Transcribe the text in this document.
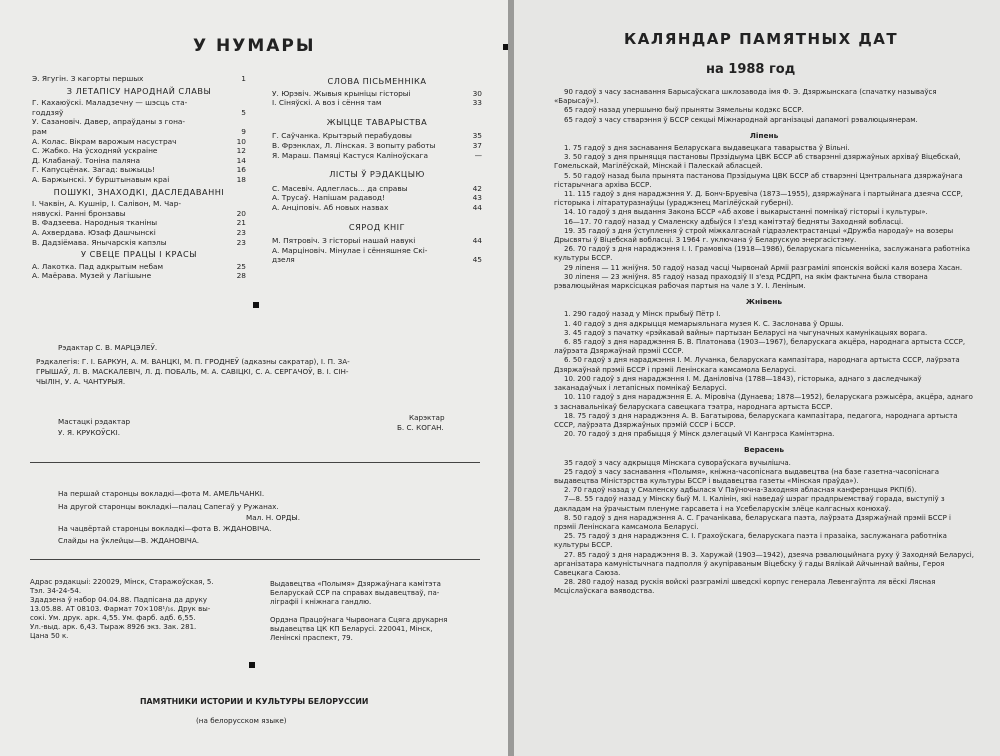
У НУМАРЫ
Э. Ягугін. З кагорты першых	1
З ЛЕТАПІСУ НАРОДНАЙ СЛАВЫ
Г. Кахаюўскі. Маладзечну — шэсць ста-
годдзяў	5
У. Сазановіч. Давер, апраўданы з гона-
рам	9
А. Колас. Вікрам варожым насустрач	10
С. Жабко. На ўсходняй ускраіне	12
Д. Клабанаў. Тоніна паляна	14
Г. Капусцёнак. Загад: выжыць!	16
А. Баржынскі. У бурштынавым краі	18
ПОШУКІ, ЗНАХОДКІ, ДАСЛЕДАВАННІ
І. Чаквін, А. Кушнір, І. Салівон, М. Чар-
нявускі. Ранні бронзавы	20
В. Фадзеева. Народныя тканіны	21
А. Ахвердава. Юзаф Дашчынскі	23
В. Дадзіёмава. Янычарскія капэлы	23
У СВЕЦЕ ПРАЦЫ І КРАСЫ
А. Лакотка. Пад адкрытым небам	25
А. Маёрава. Музей у Лагішыне	28
СЛОВА ПІСЬМЕННІКА
У. Юрэвіч. Жывыя крыніцы гісторыі	30
І. Сіняўскі. А воз і сёння там	33
ЖЫЦЦЕ ТАВАРЫСТВА
Г. Саўчанка. Крытэрый перабудовы	35
В. Фрэнклах, Л. Лінская. З вопыту работы	37
Я. Мараш. Памяці Кастуся Каліноўскага	—
ЛІСТЫ Ў РЭДАКЦЫЮ
С. Масевіч. Адлеглась... да справы	42
А. Трусаў. Напішам радавод!	43
А. Анціповіч. Аб новых назвах	44
СЯРОД КНІГ
М. Пятровіч. З гісторыі нашай навукі	44
А. Марціновіч. Мінулае і сённяшняе Скі-
дзеля	45
Рэдактар С. В. МАРЦЭЛЕЎ.
Рэдкалегія: Г. І. БАРКУН, А. М. ВАНЦКІ, М. П. ГРОДНЕЎ (адказны сакратар), І. П. ЗА-
ГРЫШАЎ, Л. В. МАСКАЛЕВІЧ, Л. Д. ПОБАЛЬ, М. А. САВІЦКІ, С. А. СЕРГАЧОЎ, В. І. СІН-
ЧЫЛІН, У. А. ЧАНТУРЫЯ.
Мастацкі рэдактар
У. Я. КРУКОЎСКІ.
Карэктар
Б. С. КОГАН.
На першай старонцы вокладкі—фота М. АМЕЛЬЧАНКІ.
На другой старонцы вокладкі—палац Сапегаў у Ружанах.
Мал. Н. ОРДЫ.
На чацвёртай старонцы вокладкі—фота В. ЖДАНОВІЧА.
Слайды на ўклейцы—В. ЖДАНОВІЧА.
Адрас рэдакцыі: 220029, Мінск, Старажоўская, 5.
Тэл. 34-24-54.
Здадзена ў набор 04.04.88. Падпісана да друку
13.05.88. АТ 08103. Фармат 70×108¹/₁₆. Друк вы-
сокі. Ум. друк. арк. 4,55. Ум. фарб. адб. 6,55.
Ул.-выд. арк. 6,43. Тыраж 8926 экз. Зак. 281.
Цана 50 к.
Выдавецтва «Полымя» Дзяржаўнага камітэта
Беларускай ССР па справах выдавецтваў, па-
ліграфіі і кніжнага гандлю.
Ордэна Працоўнага Чырвонага Сцяга друкарня
выдавецтва ЦК КП Беларусі. 220041, Мінск,
Ленінскі праспект, 79.
ПАМЯТНИКИ ИСТОРИИ И КУЛЬТУРЫ БЕЛОРУССИИ
(на белорусском языке)
КАЛЯНДАР ПАМЯТНЫХ ДАТ
на 1988 год

90 гадоў з часу заснавання Барысаўскага шклозавода імя Ф. Э. Дзяржынскага (спачатку называўся «Барысаў»).

65 гадоў назад упершыню быў прыняты Зямельны кодэкс БССР.

65 гадоў з часу стварэння ў БССР секцыі Міжнароднай арганізацыі дапамогі рэвалюцыянерам.

Ліпень

1. 75 гадоў з дня заснавання Беларускага выдавецкага таварыства ў Вільні.

3. 50 гадоў з дня прыняцця пастановы Прэзідыума ЦВК БССР аб стварэнні дзяржаўных архіваў Віцебскай, Гомельскай, Магілёўскай, Мінскай і Палескай абласцей.

5. 50 гадоў назад была прынята пастанова Прэзідыума ЦВК БССР аб стварэнні Цэнтральнага дзяржаўнага гістарычнага архіва БССР.

11. 115 гадоў з дня нараджэння У. Д. Бонч-Бруевіча (1873—1955), дзяржаўнага і партыйнага дзеяча СССР, гісторыка і літаратуразнаўцы (ураджэнец Магілёўскай губерні).

14. 10 гадоў з дня выдання Закона БССР «Аб ахове і выкарыстанні помнікаў гісторыі і культуры».

16—17. 70 гадоў назад у Смаленску адбыўся І з'езд камітэтаў бедняты Заходняй вобласці.

19. 35 гадоў з дня ўступлення ў строй міжкалгаснай гідраэлектрастанцыі «Дружба народаў» на возеры Дрысвяты ў Віцебскай вобласці. З 1964 г. уключана ў Беларускую энергасістэму.

26. 70 гадоў з дня нараджэння І. І. Грамовіча (1918—1986), беларускага пісьменніка, заслужанага работніка культуры БССР.

29 ліпеня — 11 жніўня. 50 гадоў назад часці Чырвонай Арміі разграмілі японскія войскі каля возера Хасан.

30 ліпеня — 23 жніўня. 85 гадоў назад праходзіў II з'езд РСДРП, на якім фактычна была створана рэвалюцыйная марксісцкая рабочая партыя на чале з У. І. Леніным.

Жнівень

1. 290 гадоў назад у Мінск прыбыў Пётр І.

1. 40 гадоў з дня адкрыцця мемарыяльнага музея К. С. Заслонава ў Оршы.

3. 45 гадоў з пачатку «рэйкавай вайны» партызан Беларусі на чыгуначных камунікацыях ворага.

6. 85 гадоў з дня нараджэння Б. В. Платонава (1903—1967), беларускага акцёра, народнага артыста СССР, лаўрэата Дзяржаўнай прэміі СССР.

6. 50 гадоў з дня нараджэння І. М. Лучанка, беларускага кампазітара, народнага артыста СССР, лаўрэата Дзяржаўнай прэміі БССР і прэміі Ленінскага камсамола Беларусі.

10. 200 гадоў з дня нараджэння І. М. Даніловіча (1788—1843), гісторыка, аднаго з даследчыкаў заканадаўчых і летапісных помнікаў Беларусі.

10. 110 гадоў з дня нараджэння Е. А. Міровіча (Дунаева; 1878—1952), беларускага рэжысёра, акцёра, аднаго з заснавальнікаў беларускага савецкага тэатра, народнага артыста БССР.

18. 75 гадоў з дня нараджэння А. В. Багатырова, беларускага кампазітара, педагога, народнага артыста СССР, лаўрэата Дзяржаўных прэмій СССР і БССР.

20. 70 гадоў з дня прабыцця ў Мінск дэлегацый VI Кангрэса Камінтэрна.

Верасень

35 гадоў з часу адкрыцця Мінскага сувораўскага вучылішча.

25 гадоў з часу заснавання «Полымя», кніжна-часопіснага выдавецтва (на базе газетна-часопіснага выдавецтва Міністэрства культуры БССР і выдавецтва газеты «Мінская праўда»).

2. 70 гадоў назад у Смаленску адбылася V Паўночна-Заходняя абласная канферэнцыя РКП(б).

7—8. 55 гадоў назад у Мінску быў М. І. Калінін, які наведаў шэраг прадпрыемстваў горада, выступіў з дакладам на ўрачыстым пленуме гарсавета і на Усебеларускім злёце калгасных конюхаў.

8. 50 гадоў з дня нараджэння А. С. Грачанікава, беларускага паэта, лаўрэата Дзяржаўнай прэміі БССР і прэміі Ленінскага камсамола Беларусі.

25. 75 гадоў з дня нараджэння С. І. Грахоўскага, беларускага паэта і празаіка, заслужанага работніка культуры БССР.

27. 85 гадоў з дня нараджэння В. З. Харужай (1903—1942), дзеяча рэвалюцыйнага руху ў Заходняй Беларусі, арганізатара камуністычнага падполля ў акупіраваным Віцебску ў гады Вялікай Айчыннай вайны, Героя Савецкага Саюза.

28. 280 гадоў назад рускія войскі разграмілі шведскі корпус генерала Левенгаўпта ля вёскі Лясная Мсціслаўскага ваяводства.
